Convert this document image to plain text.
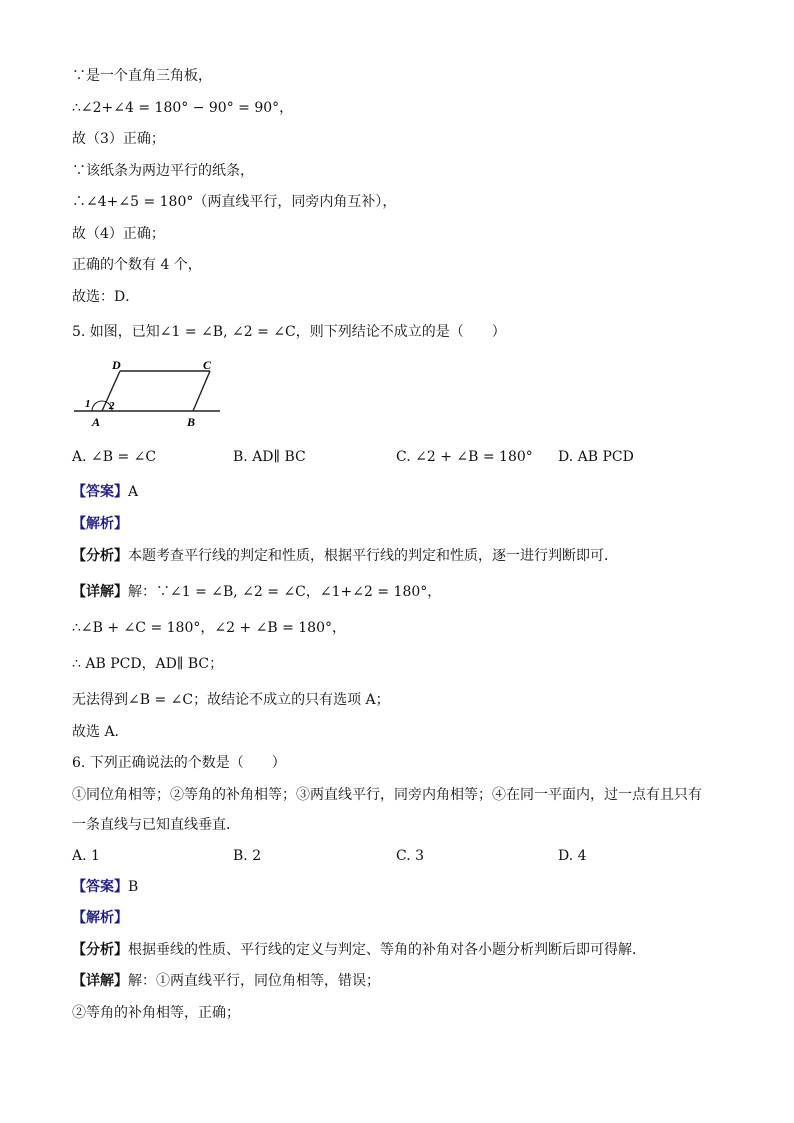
∵是一个直角三角板，
∴∠2+∠4 = 180° − 90° = 90°，
故（3）正确；
∵该纸条为两边平行的纸条，
∴∠4+∠5 = 180°（两直线平行，同旁内角互补），
故（4）正确；
正确的个数有 4 个，
故选：D．
5. 如图，已知∠1 = ∠B, ∠2 = ∠C，则下列结论不成立的是（　　）
D	C
A	B
1 2
A. ∠B = ∠C	B. AD∥ BC	C. ∠2 + ∠B = 180° D. AB PCD
【答案】A
【解析】
【分析】本题考查平行线的判定和性质，根据平行线的判定和性质，逐一进行判断即可．
【详解】解：∵∠1 = ∠B, ∠2 = ∠C，∠1+∠2 = 180°，
∴∠B + ∠C = 180°，∠2 + ∠B = 180°，
∴ AB PCD，AD∥ BC；
无法得到∠B = ∠C；故结论不成立的只有选项 A；
故选 A．
6. 下列正确说法的个数是（　　）
①同位角相等；②等角的补角相等；③两直线平行，同旁内角相等；④在同一平面内，过一点有且只有
一条直线与已知直线垂直．
A. 1	B. 2	C. 3	D. 4
【答案】B
【解析】
【分析】根据垂线的性质、平行线的定义与判定、等角的补角对各小题分析判断后即可得解．
【详解】解：①两直线平行，同位角相等，错误；
②等角的补角相等，正确；
